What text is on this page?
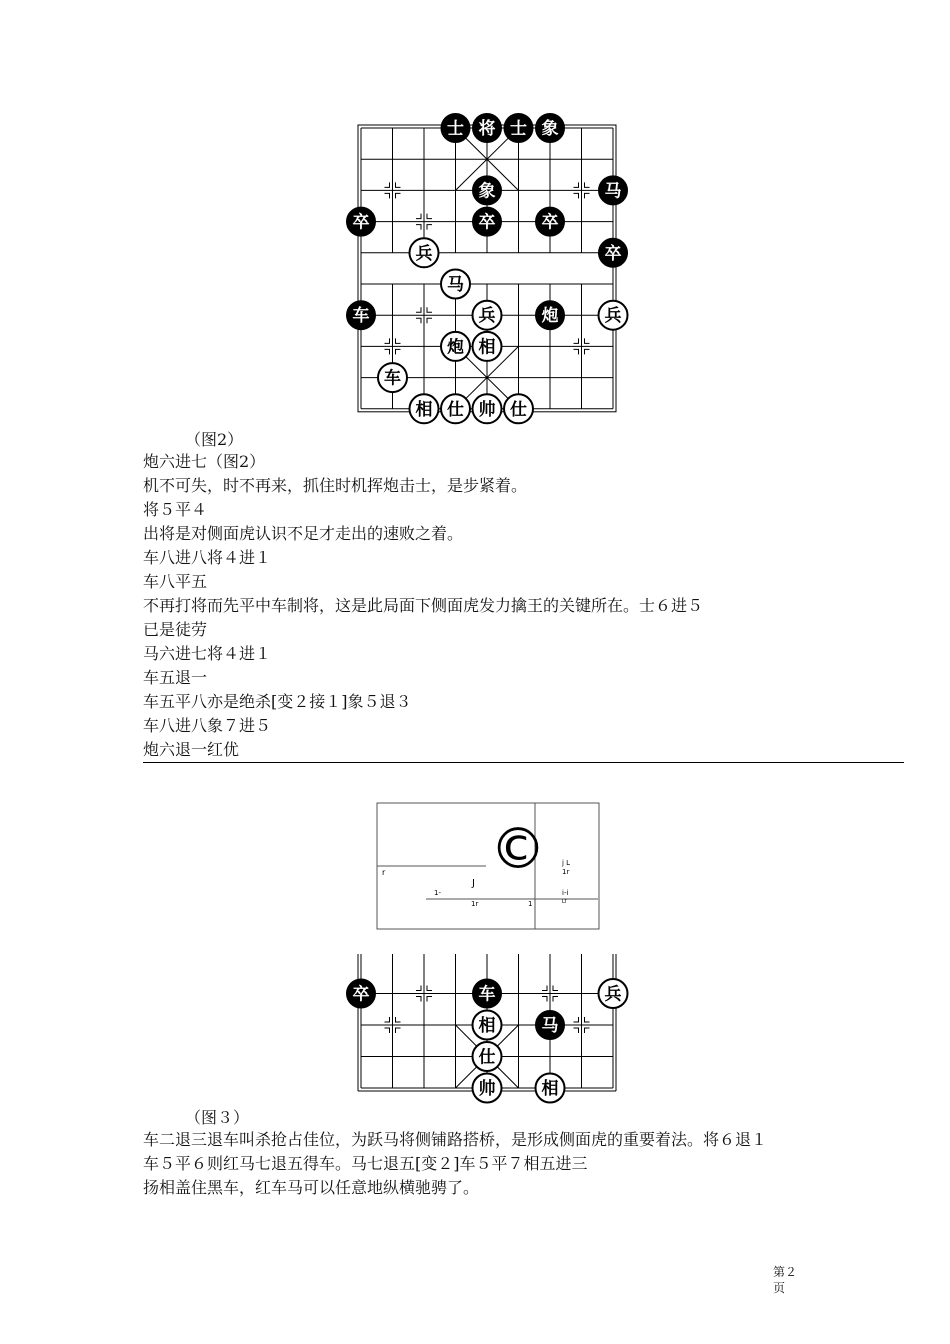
士 将 士 象
象	马
卒	卒	卒
兵	卒
马
车	兵	炮	兵
炮 相
车
相 仕 帅 仕
（图2）
炮六进七（图2）
机不可失，时不再来，抓住时机挥炮击士，是步紧着。
将５平４
出将是对侧面虎认识不足才走出的速败之着。
车八进八将４进１
车八平五
不再打将而先平中车制将，这是此局面下侧面虎发力擒王的关键所在。士６进５
已是徒劳
马六进七将４进１
车五退一
车五平八亦是绝杀[变２接１]象５退３
车八进八象７进５
炮六退一红优
©
r
1-
J
1r	1
j L
1r
i-i
LT
卒	车	兵
相	马
仕
帅	相
（图３）
车二退三退车叫杀抢占佳位，为跃马将侧铺路搭桥，是形成侧面虎的重要着法。将６退１
车５平６则红马七退五得车。马七退五[变２]车５平７相五进三
扬相盖住黑车，红车马可以任意地纵横驰骋了。
第２
页
